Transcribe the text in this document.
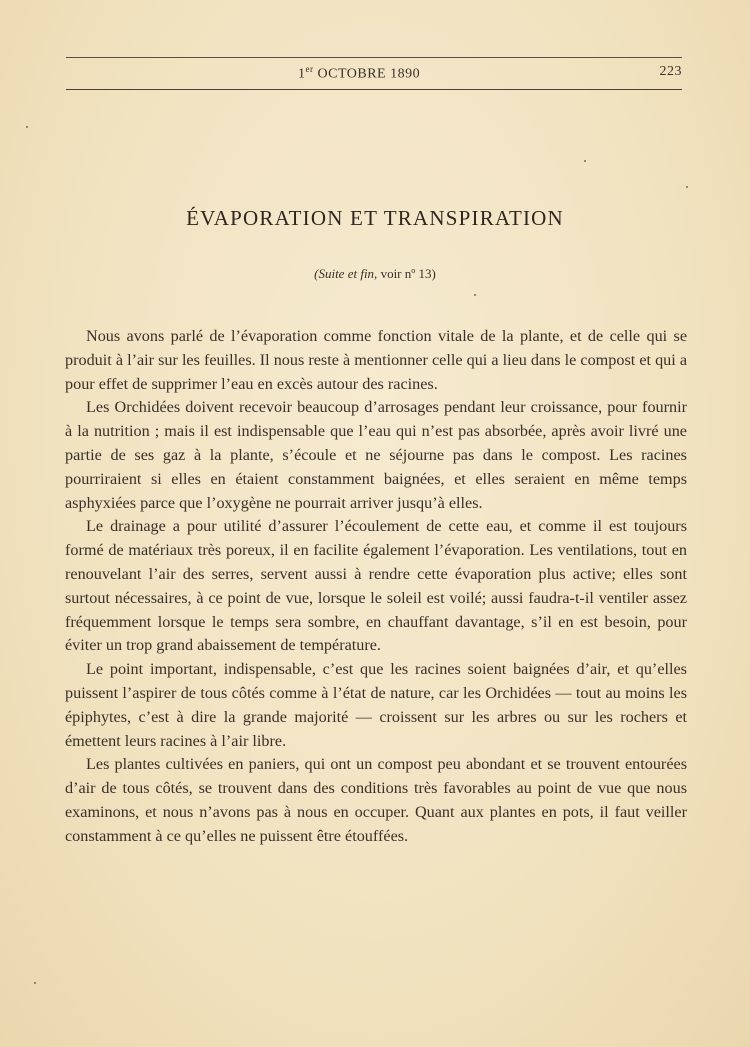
1er OCTOBRE 1890	223
ÉVAPORATION ET TRANSPIRATION
(Suite et fin, voir nº 13)

Nous avons parlé de l’évaporation comme fonction vitale de la plante, et de celle qui se produit à l’air sur les feuilles. Il nous reste à mentionner celle qui a lieu dans le compost et qui a pour effet de supprimer l’eau en excès autour des racines.

Les Orchidées doivent recevoir beaucoup d’arrosages pendant leur croissance, pour fournir à la nutrition ; mais il est indispensable que l’eau qui n’est pas absorbée, après avoir livré une partie de ses gaz à la plante, s’écoule et ne séjourne pas dans le compost. Les racines pourriraient si elles en étaient constamment baignées, et elles seraient en même temps asphyxiées parce que l’oxygène ne pourrait arriver jusqu’à elles.

Le drainage a pour utilité d’assurer l’écoulement de cette eau, et comme il est toujours formé de matériaux très poreux, il en facilite également l’évaporation. Les ventilations, tout en renouvelant l’air des serres, servent aussi à rendre cette évaporation plus active; elles sont surtout nécessaires, à ce point de vue, lorsque le soleil est voilé; aussi faudra-t-il ventiler assez fréquemment lorsque le temps sera sombre, en chauffant davantage, s’il en est besoin, pour éviter un trop grand abaissement de température.

Le point important, indispensable, c’est que les racines soient baignées d’air, et qu’elles puissent l’aspirer de tous côtés comme à l’état de nature, car les Orchidées — tout au moins les épiphytes, c’est à dire la grande majorité — croissent sur les arbres ou sur les rochers et émettent leurs racines à l’air libre.

Les plantes cultivées en paniers, qui ont un compost peu abondant et se trouvent entourées d’air de tous côtés, se trouvent dans des conditions très favorables au point de vue que nous examinons, et nous n’avons pas à nous en occuper. Quant aux plantes en pots, il faut veiller constamment à ce qu’elles ne puissent être étouffées.
